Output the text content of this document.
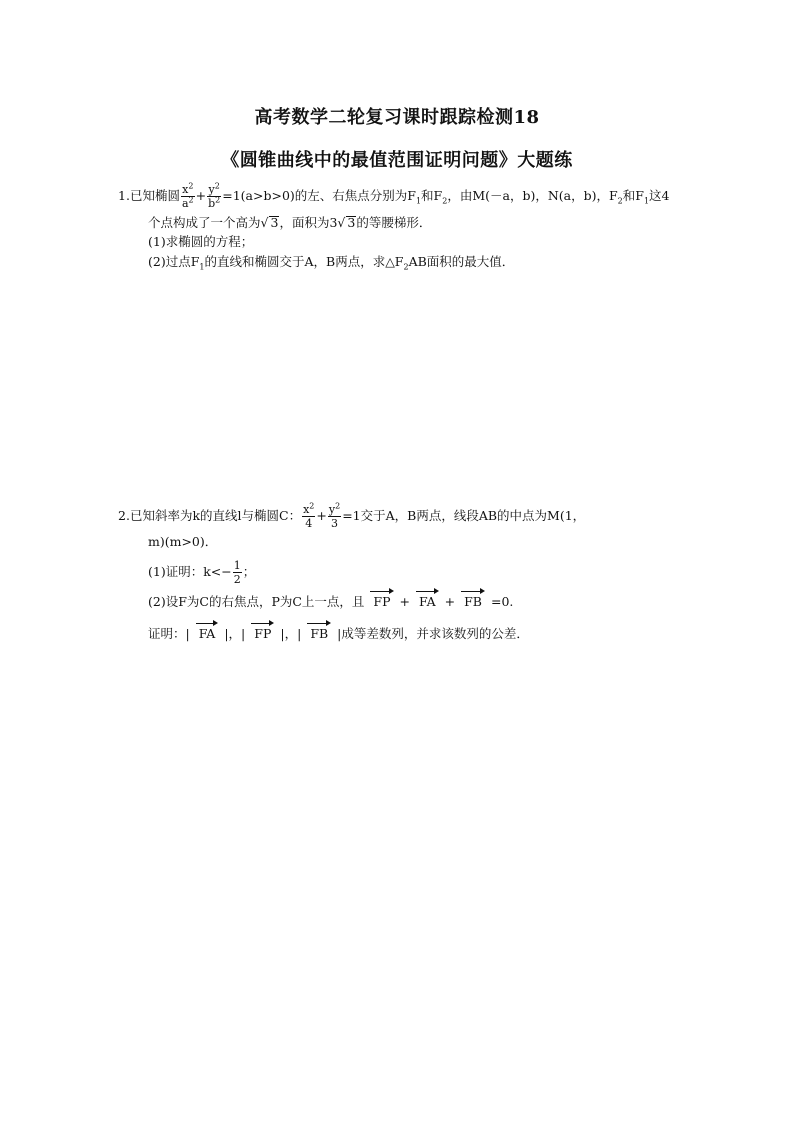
高考数学二轮复习课时跟踪检测18
《圆锥曲线中的最值范围证明问题》大题练
1.已知椭圆 $\frac{x^2}{a^2} + \frac{y^2}{b^2} =1(a>b>0)$的左、右焦点分别为$F_1$和$F_2$，由M(－a，b)，N(a，b)，$F_2$和$F_1$这4
个点构成了一个高为√ 3，面积为3√ 3的等腰梯形．
(1)求椭圆的方程；
(2)过点$F_1$的直线和椭圆交于A，B两点，求$\triangle F_2AB$面积的最大值．
2.已知斜率为k的直线l与椭圆C： $\frac{x^2}{4} + \frac{y^2}{3} =1$交于A，B两点，线段AB的中点为M(1，
m)(m>0)．
(1)证明：$k<- \frac{1}{2}$ ；
(2)设F为C的右焦点，P为C上一点，且 FP + FA + FB =0.
证明：| FA |，| FP |，| FB |成等差数列，并求该数列的公差．
